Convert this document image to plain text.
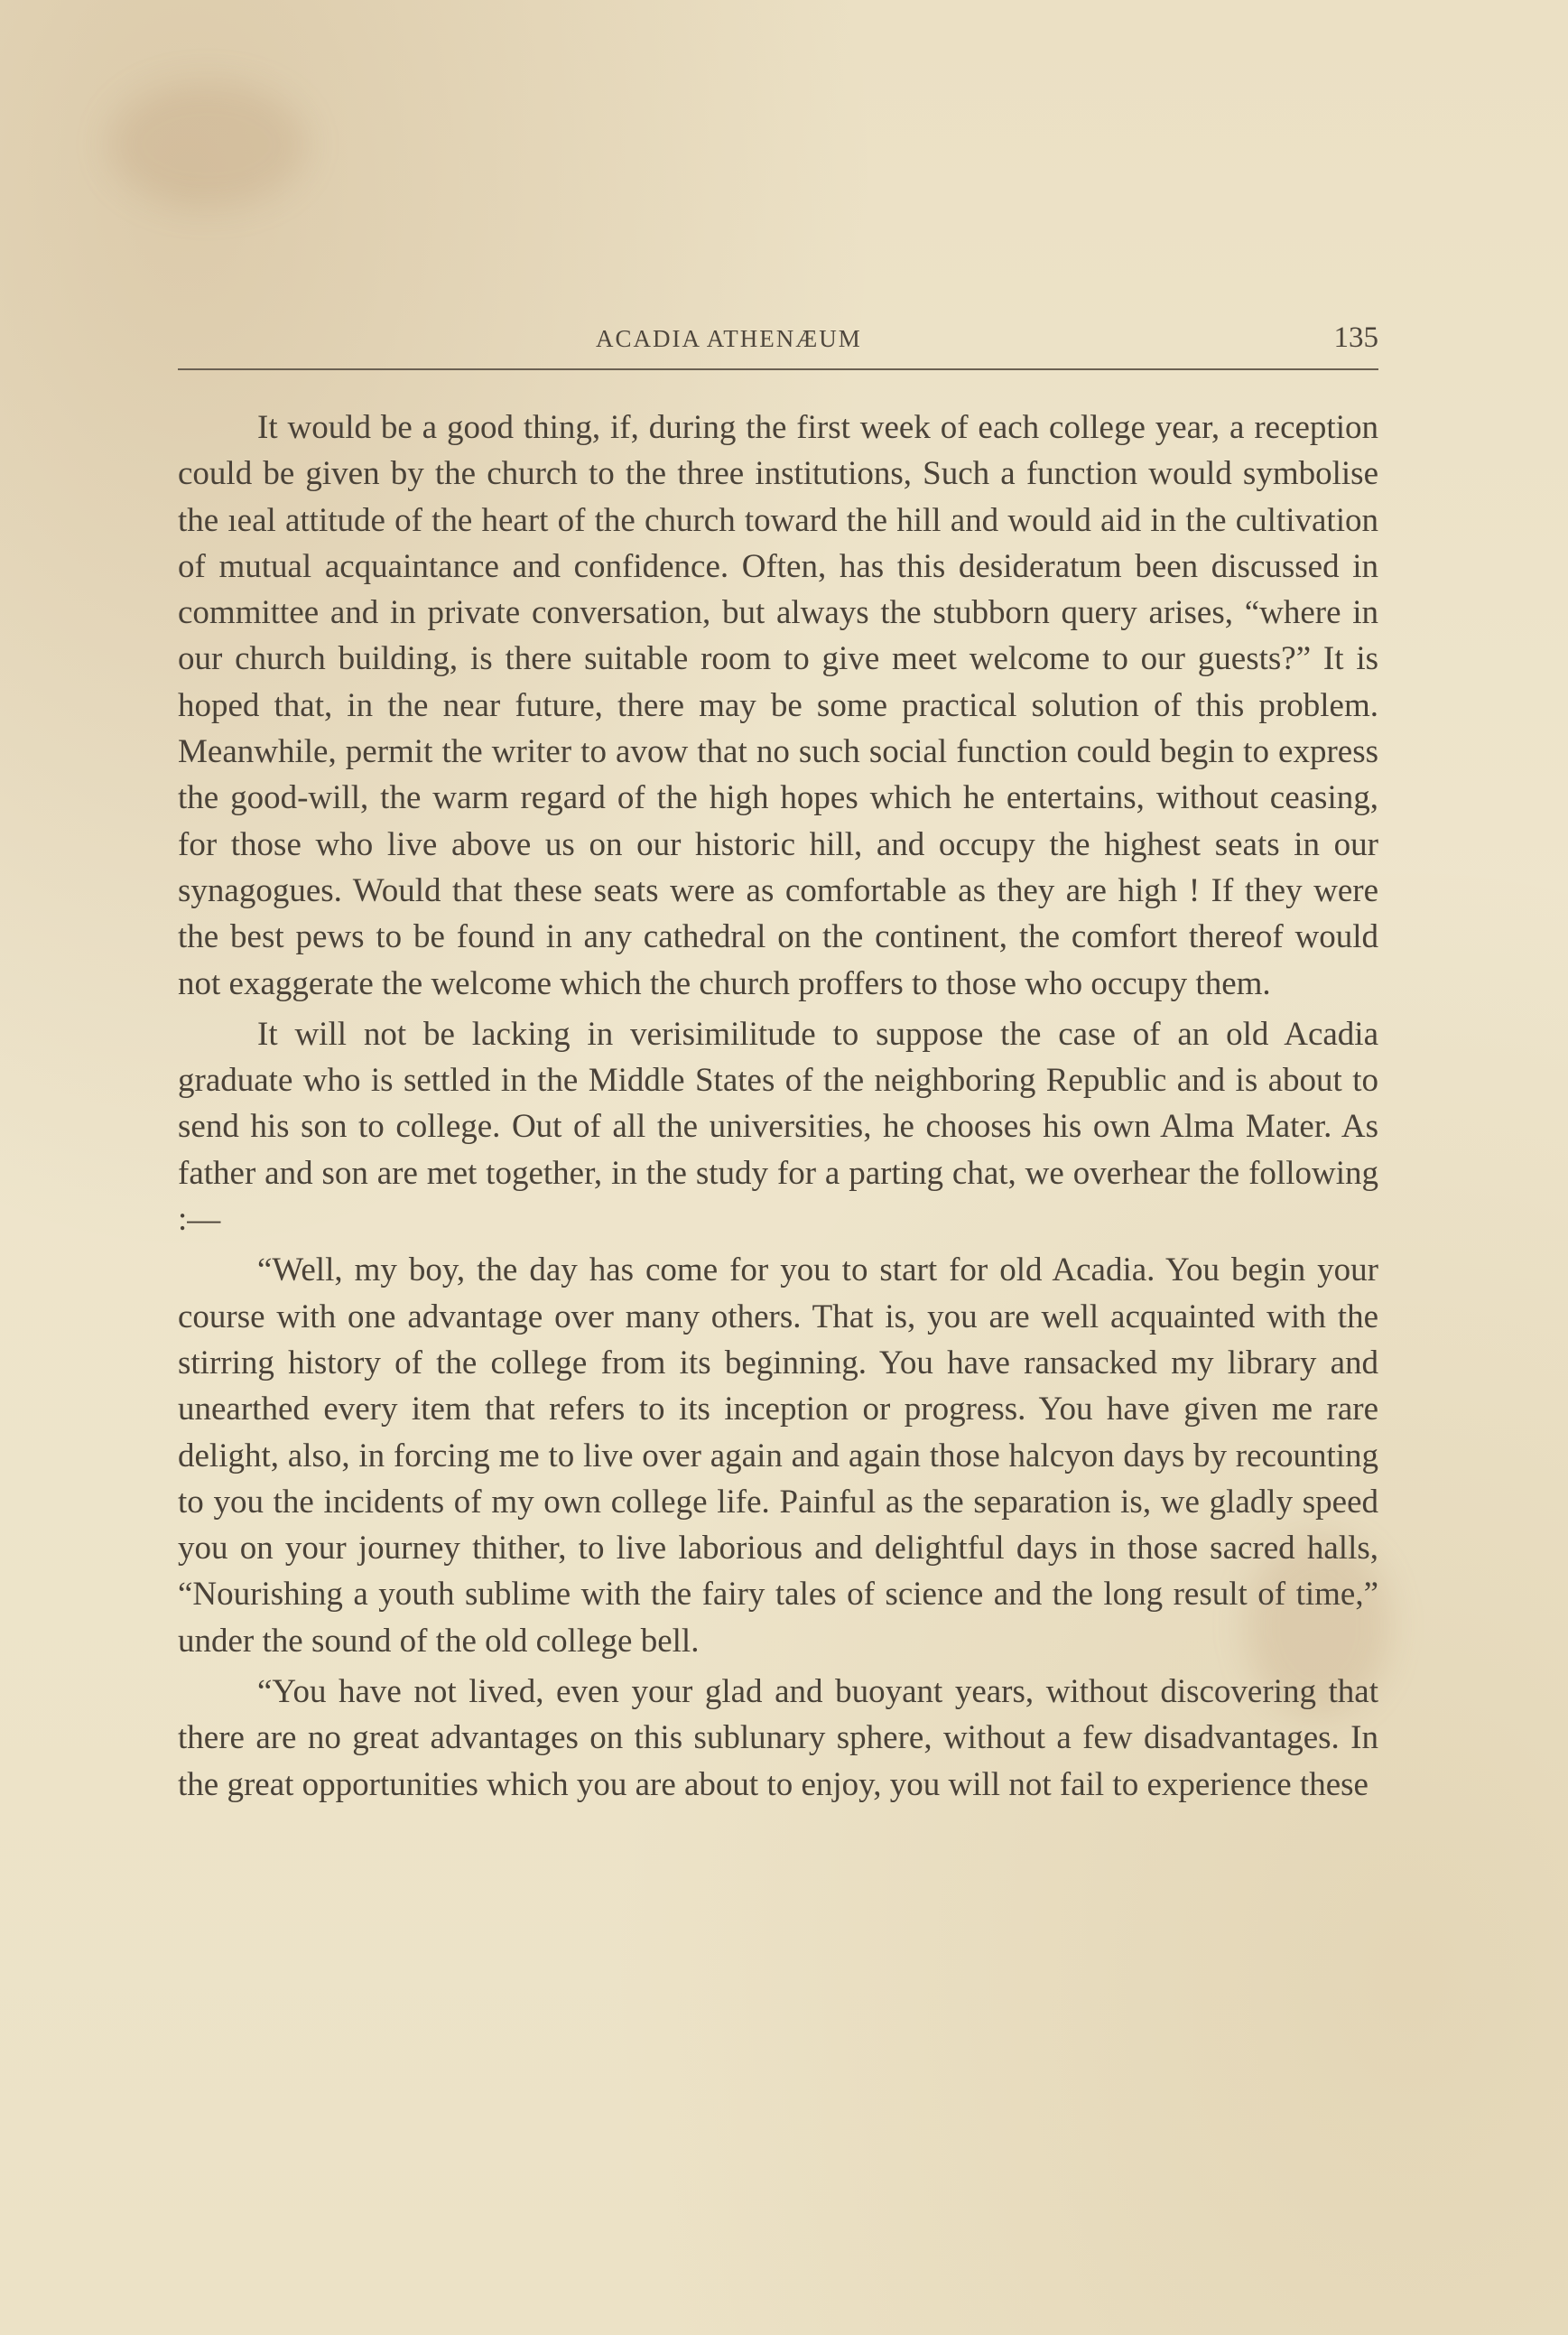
ACADIA ATHENÆUM	135

It would be a good thing, if, during the first week of each college year, a reception could be given by the church to the three institutions, Such a function would symbolise the ıeal attitude of the heart of the church toward the hill and would aid in the cultivation of mutual acquaintance and confidence. Often, has this desideratum been discussed in committee and in private conversation, but always the stubborn query arises, “where in our church building, is there suitable room to give meet welcome to our guests?” It is hoped that, in the near future, there may be some practical solution of this problem. Meanwhile, permit the writer to avow that no such social function could begin to express the good-will, the warm regard of the high hopes which he entertains, without ceasing, for those who live above us on our historic hill, and occupy the highest seats in our synagogues. Would that these seats were as comfortable as they are high ! If they were the best pews to be found in any cathedral on the continent, the comfort thereof would not exaggerate the welcome which the church proffers to those who occupy them.

It will not be lacking in verisimilitude to suppose the case of an old Acadia graduate who is settled in the Middle States of the neighboring Republic and is about to send his son to college. Out of all the universities, he chooses his own Alma Mater. As father and son are met together, in the study for a parting chat, we overhear the following :—

“Well, my boy, the day has come for you to start for old Acadia. You begin your course with one advantage over many others. That is, you are well acquainted with the stirring history of the college from its beginning. You have ransacked my library and unearthed every item that refers to its inception or progress. You have given me rare delight, also, in forcing me to live over again and again those halcyon days by recounting to you the incidents of my own college life. Painful as the separation is, we gladly speed you on your journey thither, to live laborious and delightful days in those sacred halls, “Nourishing a youth sublime with the fairy tales of science and the long result of time,” under the sound of the old college bell.

“You have not lived, even your glad and buoyant years, without discovering that there are no great advantages on this sublunary sphere, without a few disadvantages. In the great opportunities which you are about to enjoy, you will not fail to experience these
